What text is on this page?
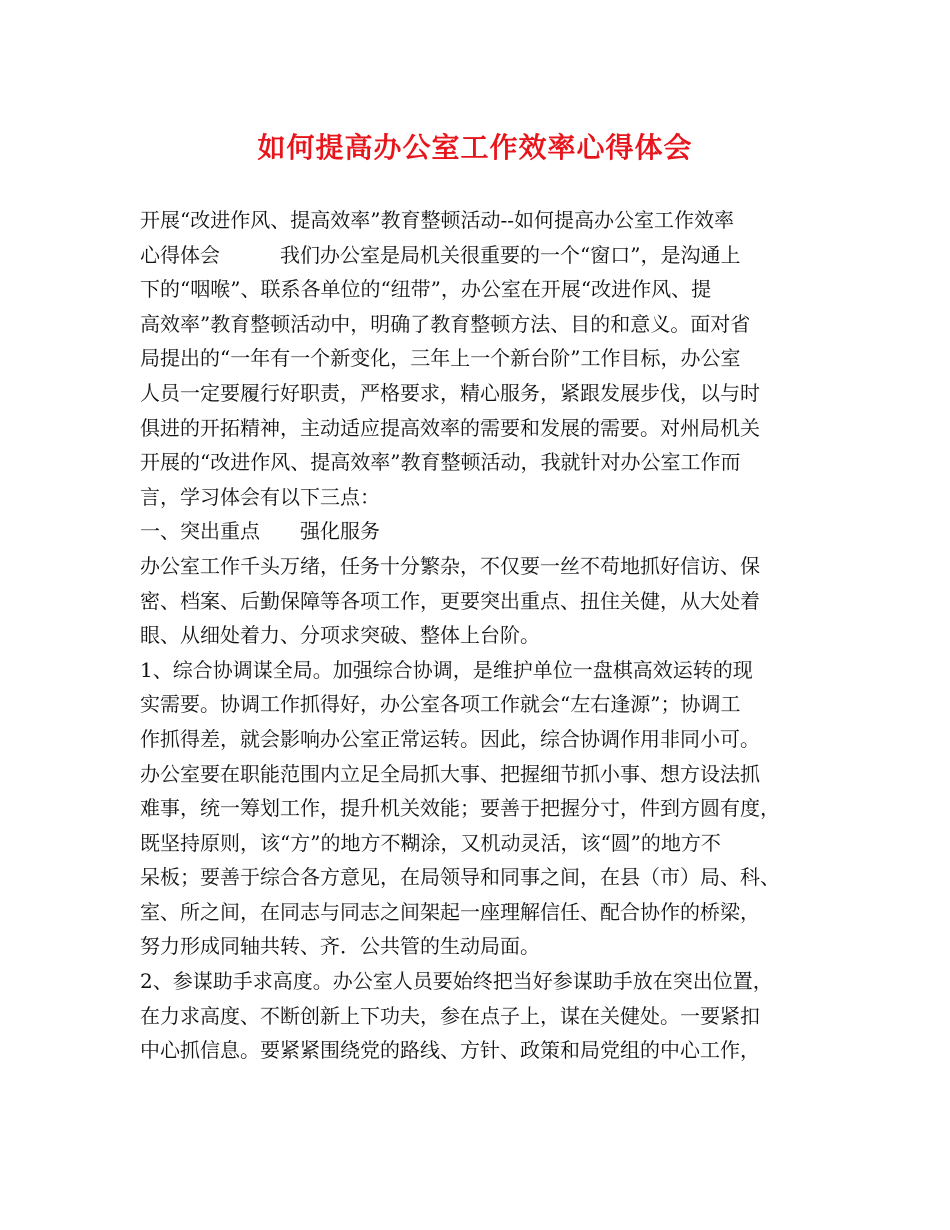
如何提高办公室工作效率心得体会
开展“改进作风、提高效率”教育整顿活动--如何提高办公室工作效率
心得体会　　　我们办公室是局机关很重要的一个“窗口”，是沟通上
下的“咽喉”、联系各单位的“纽带”，办公室在开展“改进作风、提
高效率”教育整顿活动中，明确了教育整顿方法、目的和意义。面对省
局提出的“一年有一个新变化，三年上一个新台阶”工作目标，办公室
人员一定要履行好职责，严格要求，精心服务，紧跟发展步伐，以与时
俱进的开拓精神，主动适应提高效率的需要和发展的需要。对州局机关
开展的“改进作风、提高效率”教育整顿活动，我就针对办公室工作而
言，学习体会有以下三点：
一、突出重点　　强化服务
办公室工作千头万绪，任务十分繁杂，不仅要一丝不苟地抓好信访、保
密、档案、后勤保障等各项工作，更要突出重点、扭住关健，从大处着
眼、从细处着力、分项求突破、整体上台阶。
1、综合协调谋全局。加强综合协调，是维护单位一盘棋高效运转的现
实需要。协调工作抓得好，办公室各项工作就会“左右逢源”；协调工
作抓得差，就会影响办公室正常运转。因此，综合协调作用非同小可。
办公室要在职能范围内立足全局抓大事、把握细节抓小事、想方设法抓
难事，统一筹划工作，提升机关效能；要善于把握分寸，件到方圆有度，
既坚持原则，该“方”的地方不糊涂，又机动灵活，该“圆”的地方不
呆板；要善于综合各方意见，在局领导和同事之间，在县（市）局、科、
室、所之间，在同志与同志之间架起一座理解信任、配合协作的桥梁，
努力形成同轴共转、齐．公共管的生动局面。
2、参谋助手求高度。办公室人员要始终把当好参谋助手放在突出位置，
在力求高度、不断创新上下功夫，参在点子上，谋在关健处。一要紧扣
中心抓信息。要紧紧围绕党的路线、方针、政策和局党组的中心工作，
